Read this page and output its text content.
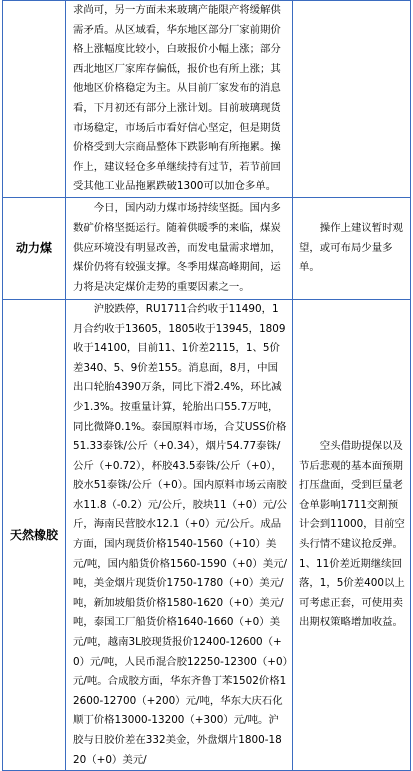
	求尚可，另一方面未来玻璃产能限产将缓解供需矛盾。从区域看，华东地区部分厂家前期价格上涨幅度比较小，白玻报价小幅上涨；部分西北地区厂家库存偏低，报价也有所上涨；其他地区价格稳定为主。从目前厂家发布的消息看，下月初还有部分上涨计划。目前玻璃现货市场稳定，市场后市看好信心坚定，但是期货价格受到大宗商品整体下跌影响有所拖累。操作上，建议轻仓多单继续持有过节，若节前回受其他工业品拖累跌破1300可以加仓多单。	
动力煤	今日，国内动力煤市场持续坚挺。国内多数矿价格坚挺运行。随着供暖季的来临，煤炭供应环境没有明显改善，而发电量需求增加，煤价仍将有较强支撑。冬季用煤高峰期间，运力将是决定煤价走势的重要因素之一。	操作上建议暂时观望，或可布局少量多单。

天然橡胶	沪胶跌停，RU1711合约收于11490，1月合约收于13605，1805收于13945，1809收于14100，目前11、1价差2115，1、5价差340、5、9价差155。消息面，8月，中国出口轮胎4390万条，同比下滑2.4%，环比减少1.3%。按重量计算，轮胎出口55.7万吨，同比微降0.1%。泰国原料市场，合艾USS价格51.33泰铢/公斤（+0.34），烟片54.77泰铢/公斤（+0.72），杯胶43.5泰铢/公斤（+0），胶水51泰铢/公斤（+0）。国内原料市场云南胶水11.8（-0.2）元/公斤，胶块11（+0）元/公斤，海南民营胶水12.1（+0）元/公斤。成品方面，国内现货价格1540-1560（+10）美元/吨，国内船货价格1560-1590（+0）美元/吨，美金烟片现货价1750-1780（+0）美元/吨，新加坡船货价格1580-1620（+0）美元/吨，泰国工厂船货价格1640-1660（+0）美元/吨，越南3L胶现货报价12400-12600（+0）元/吨，人民币混合胶12250-12300（+0）元/吨。合成胶方面，华东齐鲁丁苯1502价格12600-12700（+200）元/吨，华东大庆石化顺丁价格13000-13200（+300）元/吨。沪胶与日胶价差在332美金，外盘烟片1800-1820（+0）美元/	空头借助提保以及节后悲观的基本面预期打压盘面，受到巨量老仓单影响1711交割预计会到11000，目前空头行情不建议抢反弹。1、11价差近期继续回落，1，5价差400以上可考虑正套，可使用卖出期权策略增加收益。
